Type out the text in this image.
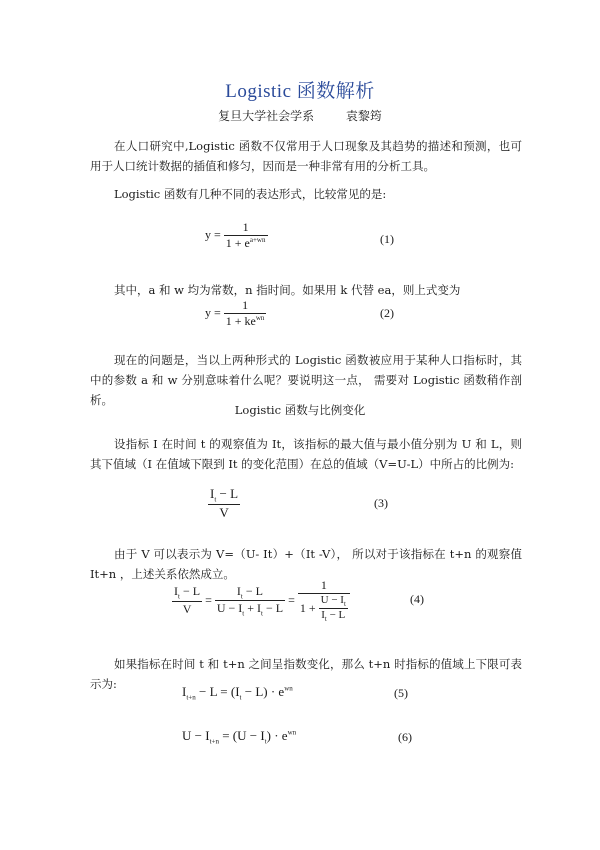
Logistic 函数解析
复旦大学社会学系	袁黎筠

在人口研究中,Logistic 函数不仅常用于人口现象及其趋势的描述和预测，也可用于人口统计数据的插值和修匀，因而是一种非常有用的分析工具。

Logistic 函数有几种不同的表达形式，比较常见的是:

$y = \frac{1}{1 + e^{a+wn}}$	(1)

其中，a 和 w 均为常数，n 指时间。如果用 k 代替 ea，则上式变为

$y = \frac{1}{1 + ke^{wn}}$	(2)

现在的问题是，当以上两种形式的 Logistic 函数被应用于某种人口指标时，其中的参数 a 和 w 分别意味着什么呢？要说明这一点， 需要对 Logistic 函数稍作剖析。

Logistic 函数与比例变化

设指标 I 在时间 t 的观察值为 It，该指标的最大值与最小值分别为 U 和 L，则其下值域（I 在值域下限到 It 的变化范围）在总的值域（V=U-L）中所占的比例为:

$\frac{I_t - L}{V}$	(3)

由于 V 可以表示为 V=（U- It）+（It -V）， 所以对于该指标在 t+n 的观察值 It+n ，上述关系依然成立。

$\frac{I_t - L}{V} = \frac{I_t - L}{U - I_t + I_t - L} = \frac{1}{1 + \frac{U - I_t}{I_t - L}}$	(4)

如果指标在时间 t 和 t+n 之间呈指数变化，那么 t+n 时指标的值域上下限可表示为:	$I_{t+n} - L = (I_t - L) \cdot e^{wn}$	(5)
$U - I_{t+n} = (U - I_t) \cdot e^{wn}$	(6)
